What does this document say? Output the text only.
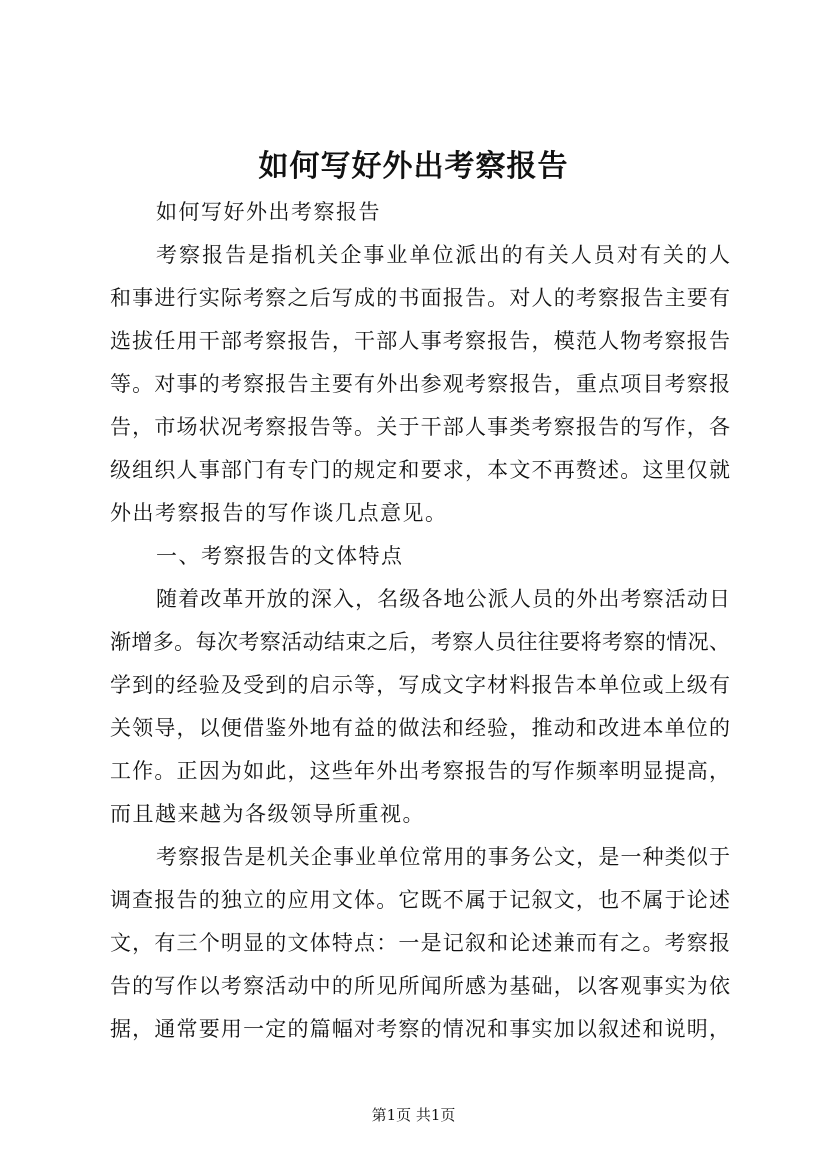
如何写好外出考察报告
如何写好外出考察报告
考察报告是指机关企事业单位派出的有关人员对有关的人
和事进行实际考察之后写成的书面报告。对人的考察报告主要有
选拔任用干部考察报告，干部人事考察报告，模范人物考察报告
等。对事的考察报告主要有外出参观考察报告，重点项目考察报
告，市场状况考察报告等。关于干部人事类考察报告的写作，各
级组织人事部门有专门的规定和要求，本文不再赘述。这里仅就
外出考察报告的写作谈几点意见。
一、考察报告的文体特点
随着改革开放的深入，名级各地公派人员的外出考察活动日
渐增多。每次考察活动结束之后，考察人员往往要将考察的情况、
学到的经验及受到的启示等，写成文字材料报告本单位或上级有
关领导，以便借鉴外地有益的做法和经验，推动和改进本单位的
工作。正因为如此，这些年外出考察报告的写作频率明显提高，
而且越来越为各级领导所重视。
考察报告是机关企事业单位常用的事务公文，是一种类似于
调查报告的独立的应用文体。它既不属于记叙文，也不属于论述
文，有三个明显的文体特点：一是记叙和论述兼而有之。考察报
告的写作以考察活动中的所见所闻所感为基础，以客观事实为依
据，通常要用一定的篇幅对考察的情况和事实加以叙述和说明，
第1页 共1页
